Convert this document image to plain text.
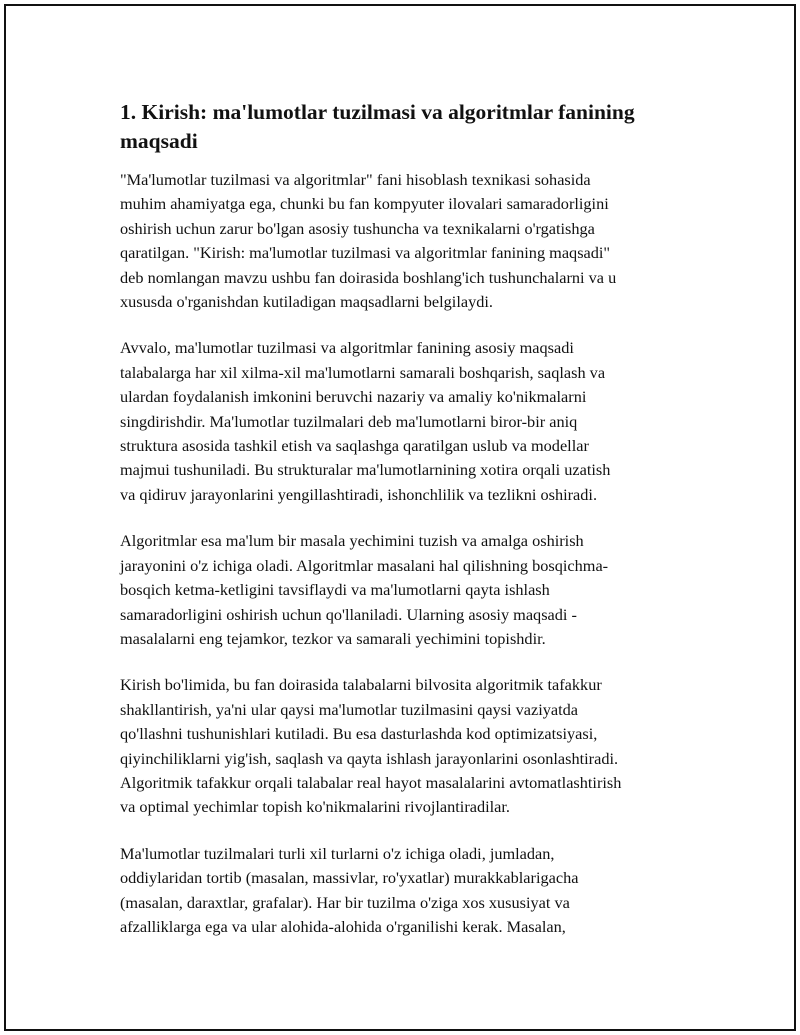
1. Kirish: ma'lumotlar tuzilmasi va algoritmlar fanining
maqsadi

"Ma'lumotlar tuzilmasi va algoritmlar" fani hisoblash texnikasi sohasida
muhim ahamiyatga ega, chunki bu fan kompyuter ilovalari samaradorligini
oshirish uchun zarur bo'lgan asosiy tushuncha va texnikalarni o'rgatishga
qaratilgan. "Kirish: ma'lumotlar tuzilmasi va algoritmlar fanining maqsadi"
deb nomlangan mavzu ushbu fan doirasida boshlang'ich tushunchalarni va u
xususda o'rganishdan kutiladigan maqsadlarni belgilaydi.

Avvalo, ma'lumotlar tuzilmasi va algoritmlar fanining asosiy maqsadi
talabalarga har xil xilma-xil ma'lumotlarni samarali boshqarish, saqlash va
ulardan foydalanish imkonini beruvchi nazariy va amaliy ko'nikmalarni
singdirishdir. Ma'lumotlar tuzilmalari deb ma'lumotlarni biror-bir aniq
struktura asosida tashkil etish va saqlashga qaratilgan uslub va modellar
majmui tushuniladi. Bu strukturalar ma'lumotlarnining xotira orqali uzatish
va qidiruv jarayonlarini yengillashtiradi, ishonchlilik va tezlikni oshiradi.

Algoritmlar esa ma'lum bir masala yechimini tuzish va amalga oshirish
jarayonini o'z ichiga oladi. Algoritmlar masalani hal qilishning bosqichma-
bosqich ketma-ketligini tavsiflaydi va ma'lumotlarni qayta ishlash
samaradorligini oshirish uchun qo'llaniladi. Ularning asosiy maqsadi -
masalalarni eng tejamkor, tezkor va samarali yechimini topishdir.

Kirish bo'limida, bu fan doirasida talabalarni bilvosita algoritmik tafakkur
shakllantirish, ya'ni ular qaysi ma'lumotlar tuzilmasini qaysi vaziyatda
qo'llashni tushunishlari kutiladi. Bu esa dasturlashda kod optimizatsiyasi,
qiyinchiliklarni yig'ish, saqlash va qayta ishlash jarayonlarini osonlashtiradi.
Algoritmik tafakkur orqali talabalar real hayot masalalarini avtomatlashtirish
va optimal yechimlar topish ko'nikmalarini rivojlantiradilar.

Ma'lumotlar tuzilmalari turli xil turlarni o'z ichiga oladi, jumladan,
oddiylaridan tortib (masalan, massivlar, ro'yxatlar) murakkablarigacha
(masalan, daraxtlar, grafalar). Har bir tuzilma o'ziga xos xususiyat va
afzalliklarga ega va ular alohida-alohida o'rganilishi kerak. Masalan,
